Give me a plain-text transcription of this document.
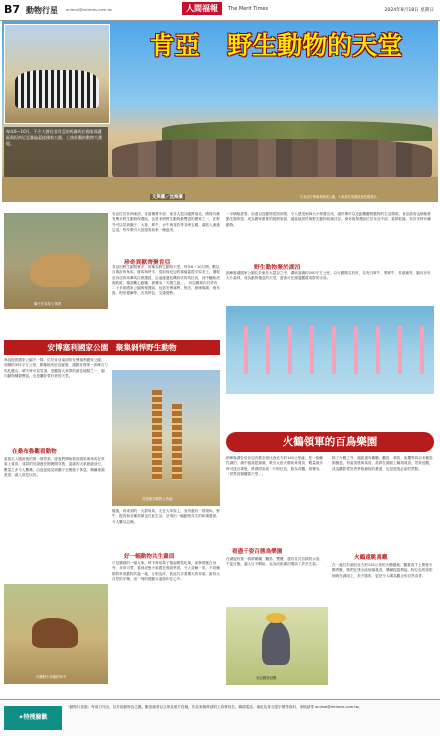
B7 動物行星 animal@mtimes.com.tw	人間福報	The Merit Times	2024年8月18日 星期日
肯亞 野生動物的天堂
每年6～10月，不少大群往非肯亞的馬賽馬拉國家保護區與坦尚尼亞賽倫蓋提國家公園，上演壯觀的動物大遷徙。
文與圖／沈海濱	在肯亞安博塞利國家公園，大象群在保護區裡悠閒漫步。
獅子在草原上休憩
肯亞位於非洲東部，赤道橫貫中部，東非大裂谷縱貫南北，國境內擁有眾多野生動物保護區，也是非洲野生動物最豐富的國家之一，在野外可以見到獅子、大象、犀牛、水牛與花豹等非洲五霸，讓旅人流連忘返，每年吸引大批遊客前來一睹風采。
珍奇異獸齊聚肯亞
肯亞因野生動物眾多，被稱為野生動物天堂，每年6～10月間，數以百萬計的角馬、斑馬與羚羊，從坦尚尼亞的塞倫蓋提平原北上，遷徙至肯亞的馬賽馬拉保護區，沿途渡過危機四伏的馬拉河，河中鱷魚虎視眈眈，場面驚心動魄，被譽為「天國之渡」。 肯亞國境內共設有二十多座國家公園與保護區，包括安博塞利、察沃、納庫魯湖、桑布魯、阿伯德爾等，各具特色，交通便利。
一半積極經營，前進以及動物從知到情，令人感受雨林大小保護完成，讓民眾可以近距離觀察動物的生活樣貌，肯亞政府也積極推動生態旅遊，成為國家重要的經濟來源，讓當地居民與野生動物和諧共存。桑布魯保護區位於肯亞中部，氣候乾燥，有許多特有種動物。
野生動物聚於湖泊
納庫魯湖國家公園位於東非大裂谷之中，湖區面積約200平方公里，以火鶴聞名於世，另有白犀牛、黑犀牛、長頸鹿等，園內亦有大片森林，成為動物棲息的天堂，遊客可在湖邊觀賞成群的水鳥。
安博塞利國家公園　聚集剝悍野生動物
與其他的國家公園不一樣，位於肯亞南部的安博塞利國家公園，面積約392平方公里，緊鄰坦尚尼亞邊境，遠眺非洲第一高峰吉力馬札羅山，晴天時可見雪頂，是觀賞大象群的最佳地點之一，園內動物種類豐富，也是攝影愛好者的天堂。
在桑布魯觀看動物
當我走入園區後的第一個景象，遊客們開始看到斑馬與角馬在草原上覓食，成群的長頸鹿在樹叢間穿梭，遠處的大象緩緩前行，數量之多令人驚嘆，沿途更能見到獅子在樹蔭下休息，偶爾抬頭張望，讓人屏息以待。
在曠野中奔跑的羚羊
長頸鹿在曠野上奔跑
隨後，再來到的一大群角馬，走在大草原上，身旁還有一群斑馬，野牛、鴕鳥和各種鳥類也在此生活，呈現出一幅動物共生的和諧畫面，令人難以忘懷。
好一幅動物共生畫面
只見猶豬的一頭大象，時不時用鼻子捲起樹枝吃葉，卻發現牠在身旁，非常可愛，看到這隻小象跟在後面學習，令人莞爾一笑；不同種類的草食動物共處一地，互相為伴，彼此共享著廣大的草原，維持大自然的平衡，這一刻的感動永遠烙印在心中。
火鶴領軍的百鳥樂園
納庫魯湖位於肯亞首都奈洛比西北方約140公里處，是一座鹼性湖泊，湖中盛產藍綠藻，吸引大批火鶴前來覓食，數量最多時可達百萬隻，將湖面染成一片粉紅色，蔚為奇觀，被譽為「世界鳥類觀賞天堂」。
除了火鶴之外，湖區還有鵜鶘、鸛鳥、翠鳥、魚鷹等四百多種鳥類棲息，每當清晨與黃昏，鳥群在湖面上翱翔覓食，景象壯觀，成為攝影愛好者爭相捕捉的畫面，也是遊客必訪的景點。
看盡千姿百態鳥樂園
在湖邊欣賞一群群鵜鶘、鸛鳥、鷺鷥，還有各式各樣的水鳥，千姿百態，讓人目不暇給，也為這座湖泊增添了許多生氣。
肯亞國鳥冠鶴
火鶴遠眺喜觀
在一處位於湖泊北方約120公里的火鶴棲地，觀賞成千上萬隻火鶴齊聚，牠們在淺水區低頭覓食，偶爾振翅飛起，粉紅色的身影倒映在湖面上，美不勝收，更是令人嘆為觀止的自然奇景。
✦特搜臉歡
「動物行星版」每周日刊出，以介紹動物為主題。歡迎讀者以文章及照片投稿，作品來稿時請附上真實姓名、聯絡電話、地址及身分證字號等資料，來稿請寄 animal@mtimes.com.tw。
